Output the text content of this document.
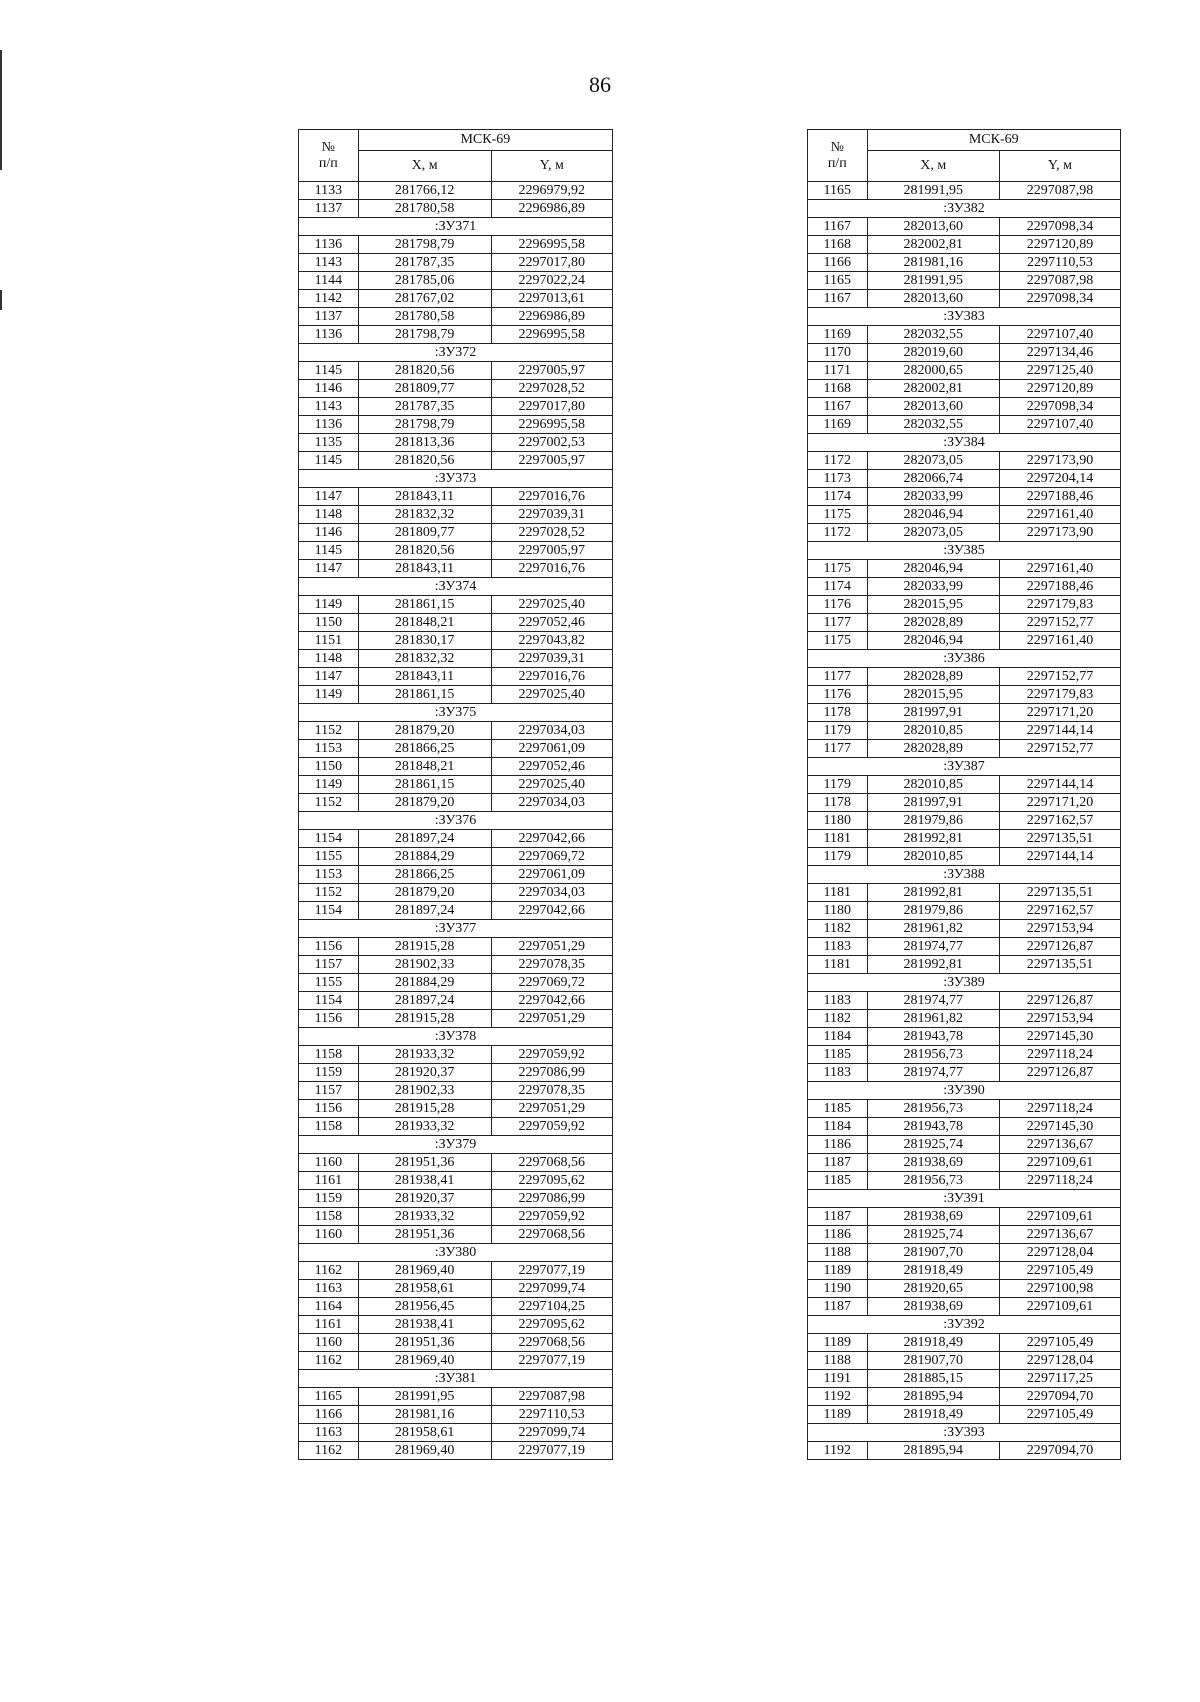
86
№
п/п	МСК-69	
	X, м	Y, м
1133	281766,12	2296979,92
1137	281780,58	2296986,89
:ЗУ371		
1136	281798,79	2296995,58
1143	281787,35	2297017,80
1144	281785,06	2297022,24
1142	281767,02	2297013,61
1137	281780,58	2296986,89
1136	281798,79	2296995,58
:ЗУ372		
1145	281820,56	2297005,97
1146	281809,77	2297028,52
1143	281787,35	2297017,80
1136	281798,79	2296995,58
1135	281813,36	2297002,53
1145	281820,56	2297005,97
:ЗУ373		
1147	281843,11	2297016,76
1148	281832,32	2297039,31
1146	281809,77	2297028,52
1145	281820,56	2297005,97
1147	281843,11	2297016,76
:ЗУ374		
1149	281861,15	2297025,40
1150	281848,21	2297052,46
1151	281830,17	2297043,82
1148	281832,32	2297039,31
1147	281843,11	2297016,76
1149	281861,15	2297025,40
:ЗУ375		
1152	281879,20	2297034,03
1153	281866,25	2297061,09
1150	281848,21	2297052,46
1149	281861,15	2297025,40
1152	281879,20	2297034,03
:ЗУ376		
1154	281897,24	2297042,66
1155	281884,29	2297069,72
1153	281866,25	2297061,09
1152	281879,20	2297034,03
1154	281897,24	2297042,66
:ЗУ377		
1156	281915,28	2297051,29
1157	281902,33	2297078,35
1155	281884,29	2297069,72
1154	281897,24	2297042,66
1156	281915,28	2297051,29
:ЗУ378		
1158	281933,32	2297059,92
1159	281920,37	2297086,99
1157	281902,33	2297078,35
1156	281915,28	2297051,29
1158	281933,32	2297059,92
:ЗУ379		
1160	281951,36	2297068,56
1161	281938,41	2297095,62
1159	281920,37	2297086,99
1158	281933,32	2297059,92
1160	281951,36	2297068,56
:ЗУ380		
1162	281969,40	2297077,19
1163	281958,61	2297099,74
1164	281956,45	2297104,25
1161	281938,41	2297095,62
1160	281951,36	2297068,56
1162	281969,40	2297077,19
:ЗУ381		
1165	281991,95	2297087,98
1166	281981,16	2297110,53
1163	281958,61	2297099,74
1162	281969,40	2297077,19
№
п/п	МСК-69	
	X, м	Y, м
1165	281991,95	2297087,98
:ЗУ382		
1167	282013,60	2297098,34
1168	282002,81	2297120,89
1166	281981,16	2297110,53
1165	281991,95	2297087,98
1167	282013,60	2297098,34
:ЗУ383		
1169	282032,55	2297107,40
1170	282019,60	2297134,46
1171	282000,65	2297125,40
1168	282002,81	2297120,89
1167	282013,60	2297098,34
1169	282032,55	2297107,40
:ЗУ384		
1172	282073,05	2297173,90
1173	282066,74	2297204,14
1174	282033,99	2297188,46
1175	282046,94	2297161,40
1172	282073,05	2297173,90
:ЗУ385		
1175	282046,94	2297161,40
1174	282033,99	2297188,46
1176	282015,95	2297179,83
1177	282028,89	2297152,77
1175	282046,94	2297161,40
:ЗУ386		
1177	282028,89	2297152,77
1176	282015,95	2297179,83
1178	281997,91	2297171,20
1179	282010,85	2297144,14
1177	282028,89	2297152,77
:ЗУ387		
1179	282010,85	2297144,14
1178	281997,91	2297171,20
1180	281979,86	2297162,57
1181	281992,81	2297135,51
1179	282010,85	2297144,14
:ЗУ388		
1181	281992,81	2297135,51
1180	281979,86	2297162,57
1182	281961,82	2297153,94
1183	281974,77	2297126,87
1181	281992,81	2297135,51
:ЗУ389		
1183	281974,77	2297126,87
1182	281961,82	2297153,94
1184	281943,78	2297145,30
1185	281956,73	2297118,24
1183	281974,77	2297126,87
:ЗУ390		
1185	281956,73	2297118,24
1184	281943,78	2297145,30
1186	281925,74	2297136,67
1187	281938,69	2297109,61
1185	281956,73	2297118,24
:ЗУ391		
1187	281938,69	2297109,61
1186	281925,74	2297136,67
1188	281907,70	2297128,04
1189	281918,49	2297105,49
1190	281920,65	2297100,98
1187	281938,69	2297109,61
:ЗУ392		
1189	281918,49	2297105,49
1188	281907,70	2297128,04
1191	281885,15	2297117,25
1192	281895,94	2297094,70
1189	281918,49	2297105,49
:ЗУ393		
1192	281895,94	2297094,70
